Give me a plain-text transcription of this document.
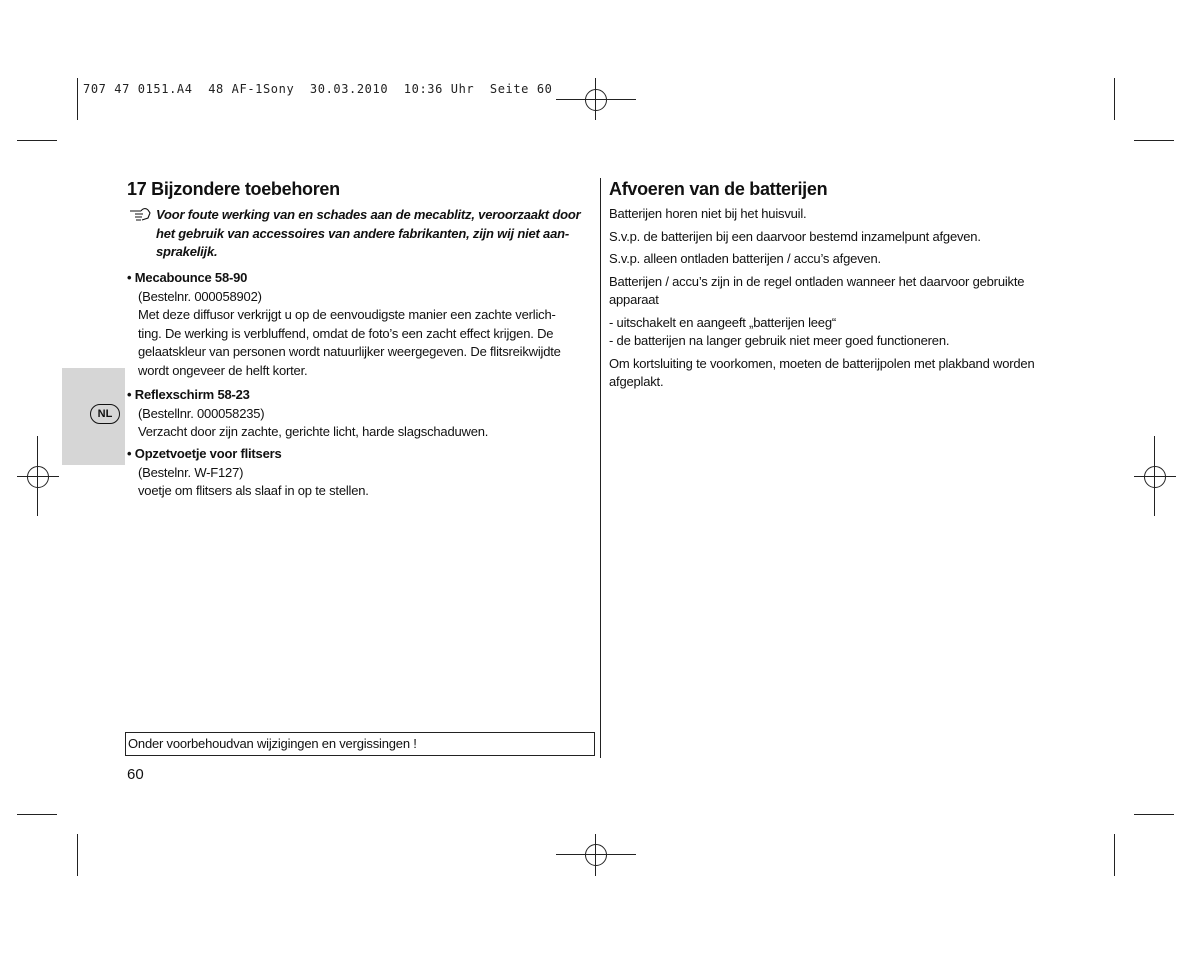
707 47 0151.A4  48 AF-1Sony  30.03.2010  10:36 Uhr  Seite 60
NL
17 Bijzondere toebehoren

Voor foute werking van en schades aan de mecablitz, veroorzaakt door

het gebruik van accessoires van andere fabrikanten, zijn wij niet aan-

sprakelijk.

• Mecabounce 58-90

(Bestelnr. 000058902)

Met deze diffusor verkrijgt u op de eenvoudigste manier een zachte verlich-

ting. De werking is verbluffend, omdat de foto’s een zacht effect krijgen. De

gelaatskleur van personen wordt natuurlijker weergegeven. De flitsreikwijdte

wordt ongeveer de helft korter.

• Reflexschirm 58-23

(Bestellnr. 000058235)

Verzacht door zijn zachte, gerichte licht, harde slagschaduwen.

• Opzetvoetje voor flitsers

(Bestelnr. W-F127)

voetje om flitsers als slaaf in op te stellen.

Onder voorbehoudvan wijzigingen en vergissingen !
60
Afvoeren van de batterijen

Batterijen horen niet bij het huisvuil.

S.v.p. de batterijen bij een daarvoor bestemd inzamelpunt afgeven.

S.v.p. alleen ontladen batterijen / accu’s afgeven.

Batterijen / accu’s zijn in de regel ontladen wanneer het daarvoor gebruikte

apparaat

- uitschakelt en aangeeft „batterijen leeg“

- de batterijen na langer gebruik niet meer goed functioneren.

Om kortsluiting te voorkomen, moeten de batterijpolen met plakband worden

afgeplakt.
